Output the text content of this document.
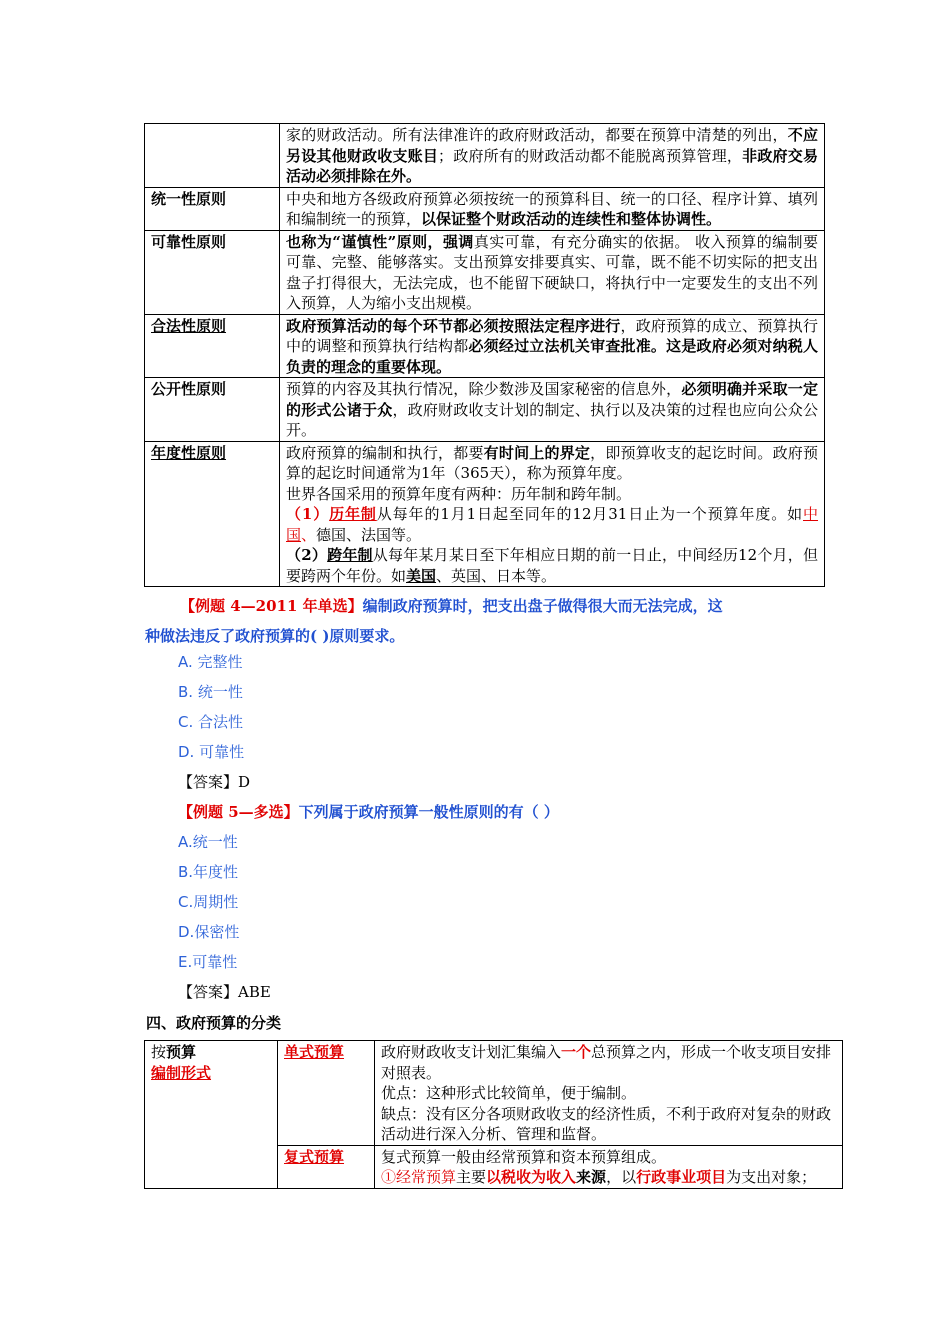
	家的财政活动。所有法律准许的政府财政活动，都要在预算中清楚的列出，不应另设其他财政收支账目；政府所有的财政活动都不能脱离预算管理，非政府交易活动必须排除在外。
统一性原则	中央和地方各级政府预算必须按统一的预算科目、统一的口径、程序计算、填列和编制统一的预算，以保证整个财政活动的连续性和整体协调性。
可靠性原则	也称为“谨慎性”原则，强调真实可靠，有充分确实的依据。 收入预算的编制要可靠、完整、能够落实。支出预算安排要真实、可靠，既不能不切实际的把支出盘子打得很大，无法完成，也不能留下硬缺口，将执行中一定要发生的支出不列入预算，人为缩小支出规模。
合法性原则	政府预算活动的每个环节都必须按照法定程序进行，政府预算的成立、预算执行中的调整和预算执行结构都必须经过立法机关审查批准。这是政府必须对纳税人负责的理念的重要体现。
公开性原则	预算的内容及其执行情况，除少数涉及国家秘密的信息外，必须明确并采取一定的形式公诸于众，政府财政收支计划的制定、执行以及决策的过程也应向公众公开。
年度性原则	政府预算的编制和执行，都要有时间上的界定，即预算收支的起讫时间。政府预算的起讫时间通常为1年（365天），称为预算年度。
世界各国采用的预算年度有两种：历年制和跨年制。
（1）历年制从每年的1月1日起至同年的12月31日止为一个预算年度。如中国、德国、法国等。
（2）跨年制从每年某月某日至下年相应日期的前一日止，中间经历12个月，但要跨两个年份。如美国、英国、日本等。
【例题 4—2011 年单选】编制政府预算时，把支出盘子做得很大而无法完成，这
种做法违反了政府预算的( )原则要求。
A. 完整性
B. 统一性
C. 合法性
D. 可靠性
【答案】D
【例题 5—多选】下列属于政府预算一般性原则的有（ ）
A.统一性
B.年度性
C.周期性
D.保密性
E.可靠性
【答案】ABE
四、政府预算的分类
按预算
编制形式	单式预算	政府财政收支计划汇集编入一个总预算之内，形成一个收支项目安排对照表。
优点：这种形式比较简单，便于编制。
缺点：没有区分各项财政收支的经济性质，不利于政府对复杂的财政活动进行深入分析、管理和监督。

	复式预算	复式预算一般由经常预算和资本预算组成。
①经常预算主要以税收为收入来源，以行政事业项目为支出对象；
